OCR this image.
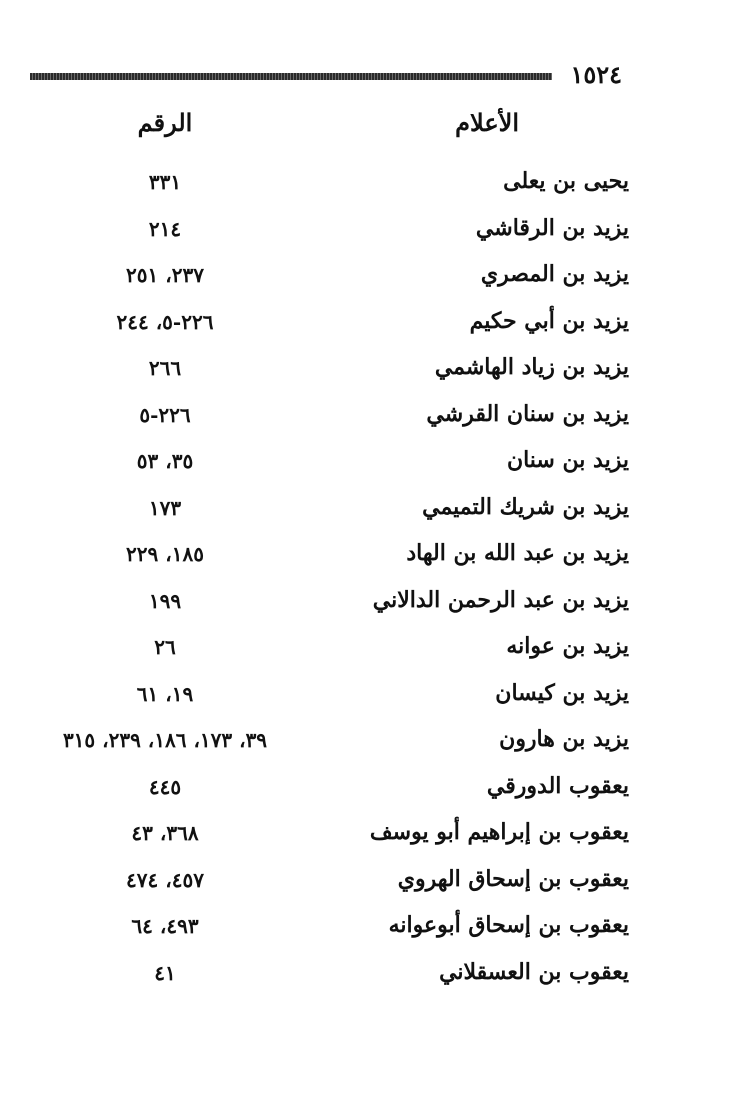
١٥٢٤
الأعلام
الرقم
يحيى بن يعلى
٣٣١
يزيد بن الرقاشي
٢١٤
يزيد بن المصري
٢٣٧، ٢٥١
يزيد بن أبي حكيم
٢٢٦-٥، ٢٤٤
يزيد بن زياد الهاشمي
٢٦٦
يزيد بن سنان القرشي
٢٢٦-٥
يزيد بن سنان
٣٥، ٥٣
يزيد بن شريك التميمي
١٧٣
يزيد بن عبد الله بن الهاد
١٨٥، ٢٢٩
يزيد بن عبد الرحمن الدالاني
١٩٩
يزيد بن عوانه
٢٦
يزيد بن كيسان
١٩، ٦١
يزيد بن هارون
٣٩، ١٧٣، ١٨٦، ٢٣٩، ٣١٥
يعقوب الدورقي
٤٤٥
يعقوب بن إبراهيم أبو يوسف
٣٦٨، ٤٣
يعقوب بن إسحاق الهروي
٤٥٧، ٤٧٤
يعقوب بن إسحاق أبوعوانه
٤٩٣، ٦٤
يعقوب بن العسقلاني
٤١
